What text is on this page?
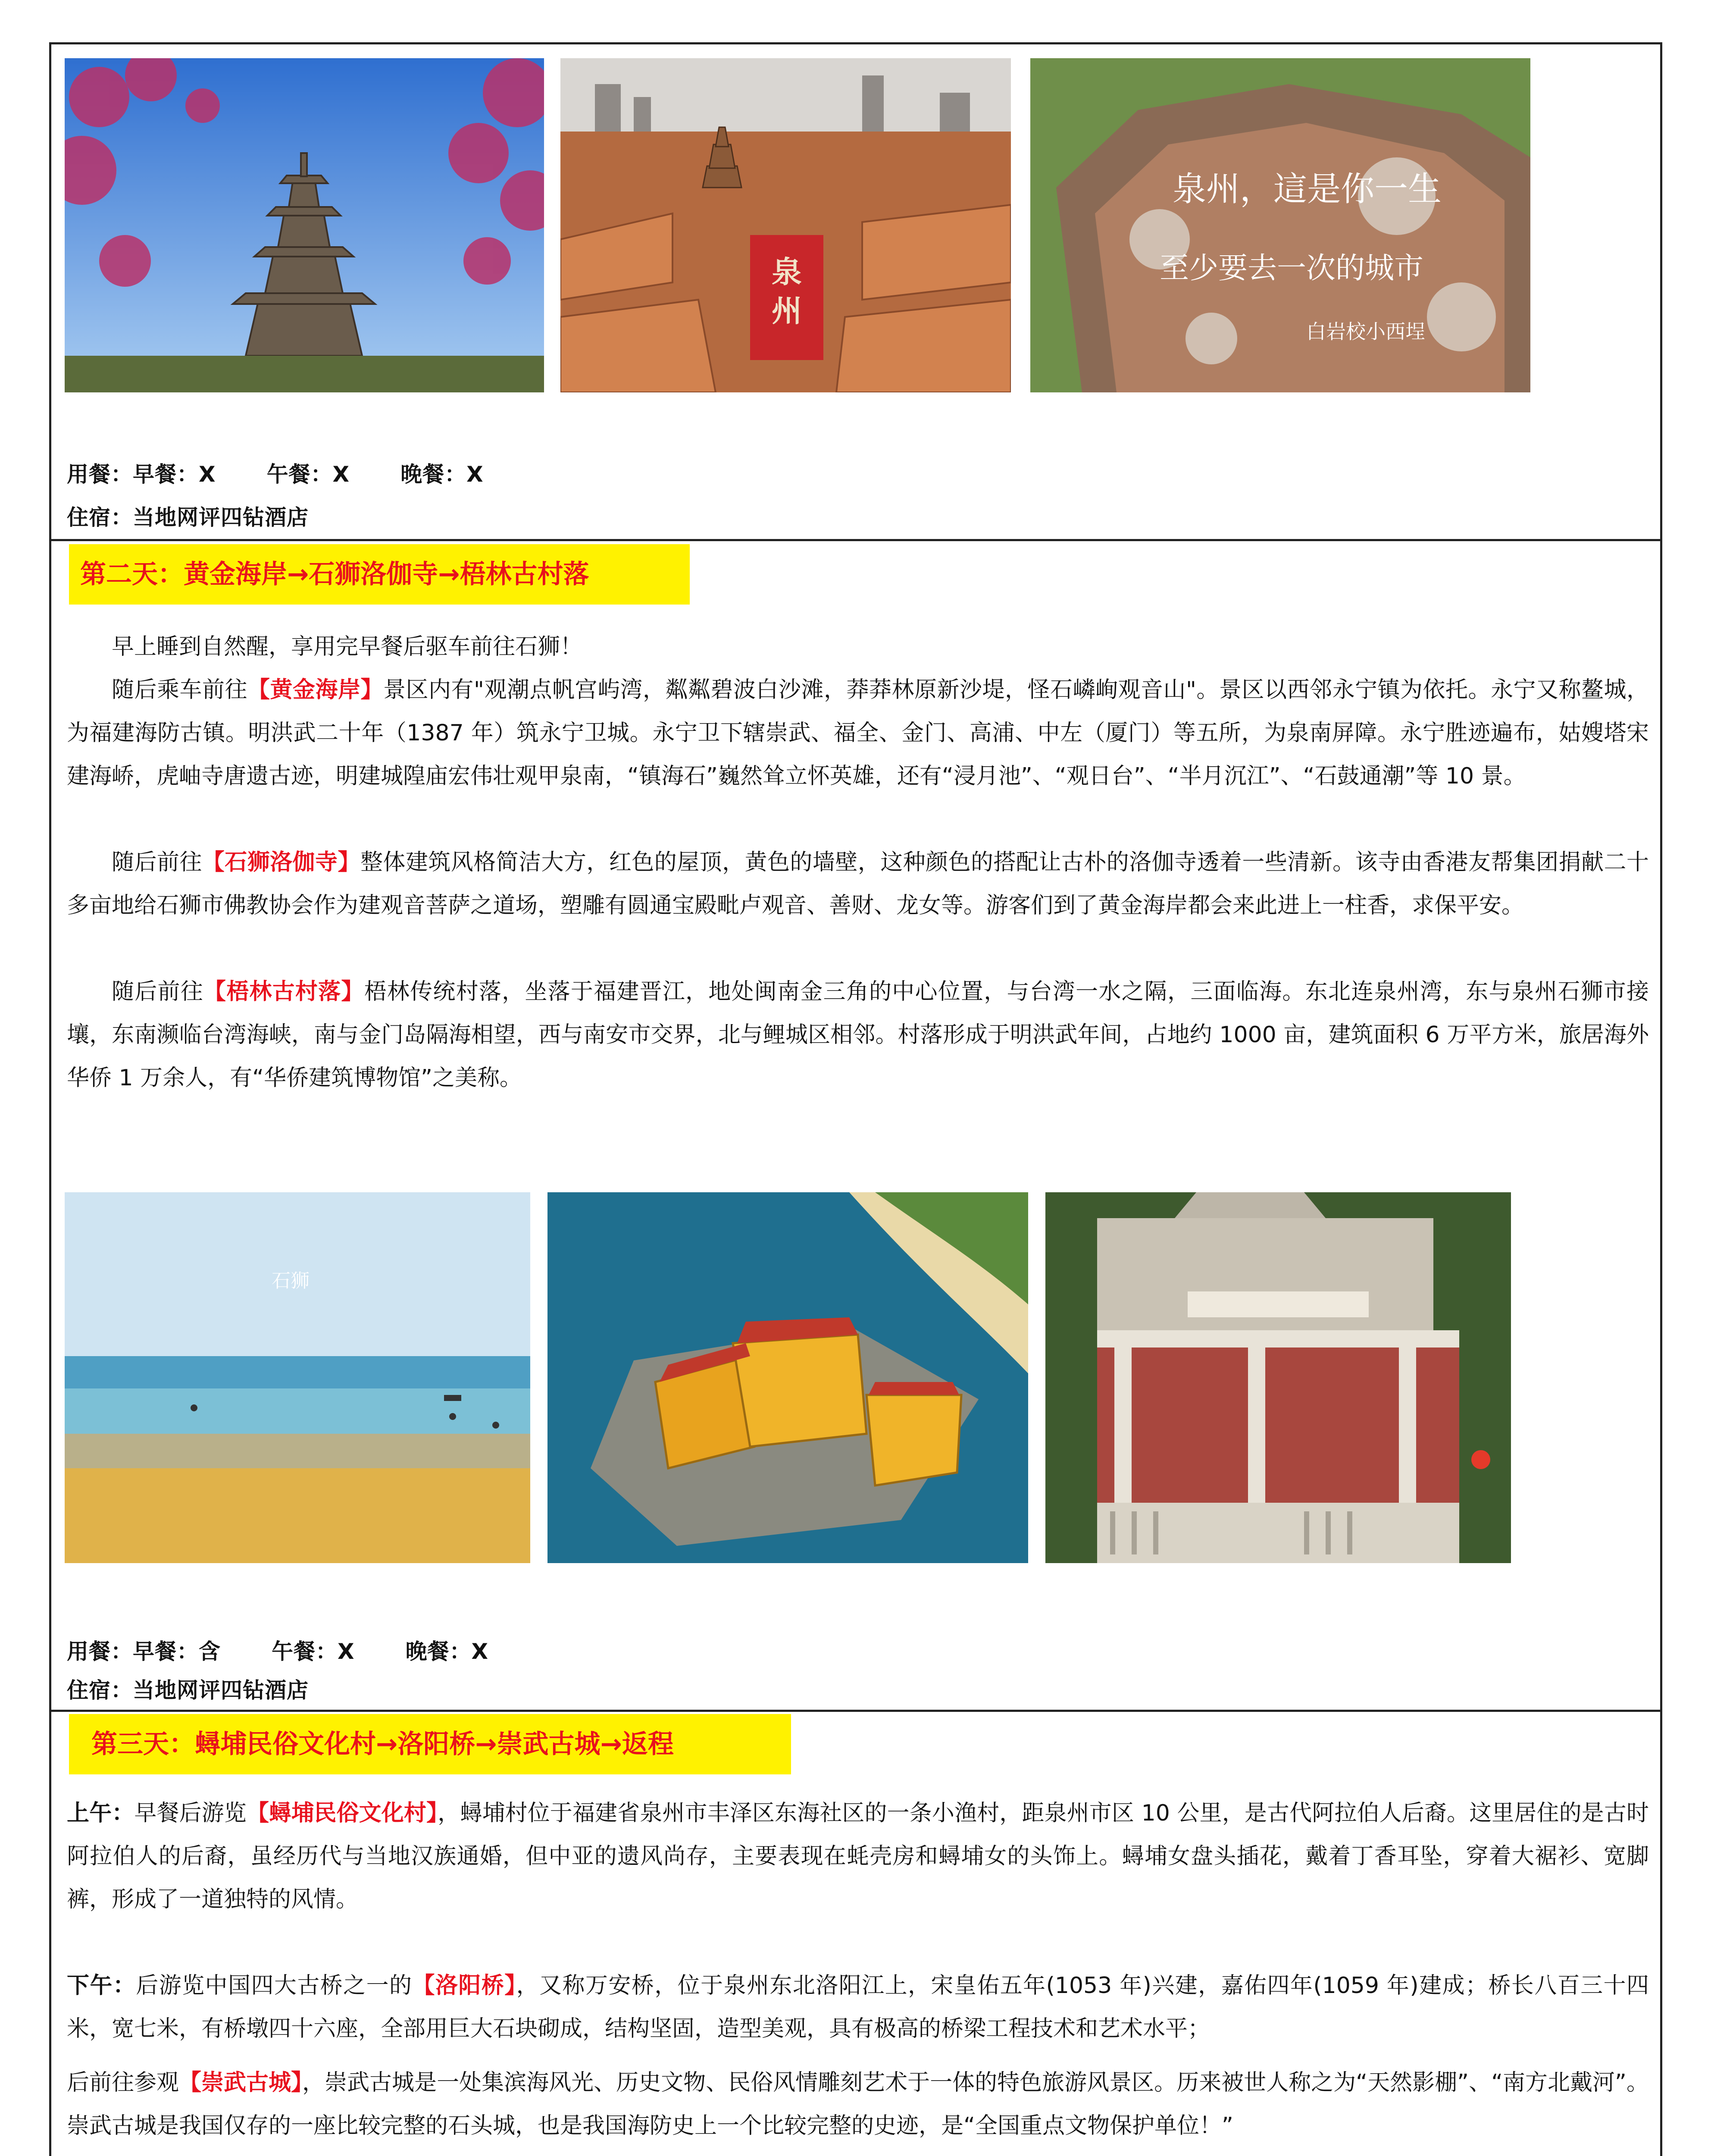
泉
州
泉州，這是你一生
至少要去一次的城市
白岩校小西埕
用餐：早餐：X 午餐：X 晚餐：X
住宿：当地网评四钻酒店
第二天：黄金海岸→石狮洛伽寺→梧林古村落

早上睡到自然醒，享用完早餐后驱车前往石狮！

随后乘车前往【黄金海岸】景区内有"观潮点帆宫屿湾，粼粼碧波白沙滩，莽莽林原新沙堤，怪石嶙峋观音山"。景区以西邻永宁镇为依托。永宁又称鳌城，为福建海防古镇。明洪武二十年（1387 年）筑永宁卫城。永宁卫下辖崇武、福全、金门、高浦、中左（厦门）等五所，为泉南屏障。永宁胜迹遍布，姑嫂塔宋建海峤，虎岫寺唐遗古迹，明建城隍庙宏伟壮观甲泉南，“镇海石”巍然耸立怀英雄，还有“浸月池”、“观日台”、“半月沉江”、“石鼓通潮”等 10 景。

随后前往【石狮洛伽寺】整体建筑风格简洁大方，红色的屋顶，黄色的墙壁，这种颜色的搭配让古朴的洛伽寺透着一些清新。该寺由香港友帮集团捐献二十多亩地给石狮市佛教协会作为建观音菩萨之道场，塑雕有圆通宝殿毗卢观音、善财、龙女等。游客们到了黄金海岸都会来此进上一柱香，求保平安。

随后前往【梧林古村落】梧林传统村落，坐落于福建晋江，地处闽南金三角的中心位置，与台湾一水之隔，三面临海。东北连泉州湾，东与泉州石狮市接壤，东南濒临台湾海峡，南与金门岛隔海相望，西与南安市交界，北与鲤城区相邻。村落形成于明洪武年间，占地约 1000 亩，建筑面积 6 万平方米，旅居海外华侨 1 万余人，有“华侨建筑博物馆”之美称。

石狮
用餐：早餐：含 午餐：X 晚餐：X
住宿：当地网评四钻酒店
第三天：蟳埔民俗文化村→洛阳桥→崇武古城→返程

上午：早餐后游览【蟳埔民俗文化村】，蟳埔村位于福建省泉州市丰泽区东海社区的一条小渔村，距泉州市区 10 公里，是古代阿拉伯人后裔。这里居住的是古时阿拉伯人的后裔，虽经历代与当地汉族通婚，但中亚的遗风尚存，主要表现在蚝壳房和蟳埔女的头饰上。蟳埔女盘头插花，戴着丁香耳坠，穿着大裾衫、宽脚裤，形成了一道独特的风情。

下午：后游览中国四大古桥之一的【洛阳桥】，又称万安桥，位于泉州东北洛阳江上，宋皇佑五年(1053 年)兴建，嘉佑四年(1059 年)建成；桥长八百三十四米，宽七米，有桥墩四十六座，全部用巨大石块砌成，结构坚固，造型美观，具有极高的桥梁工程技术和艺术水平；

后前往参观【崇武古城】，崇武古城是一处集滨海风光、历史文物、民俗风情雕刻艺术于一体的特色旅游风景区。历来被世人称之为“天然影棚”、“南方北戴河”。崇武古城是我国仅存的一座比较完整的石头城，也是我国海防史上一个比较完整的史迹，是“全国重点文物保护单位！”
